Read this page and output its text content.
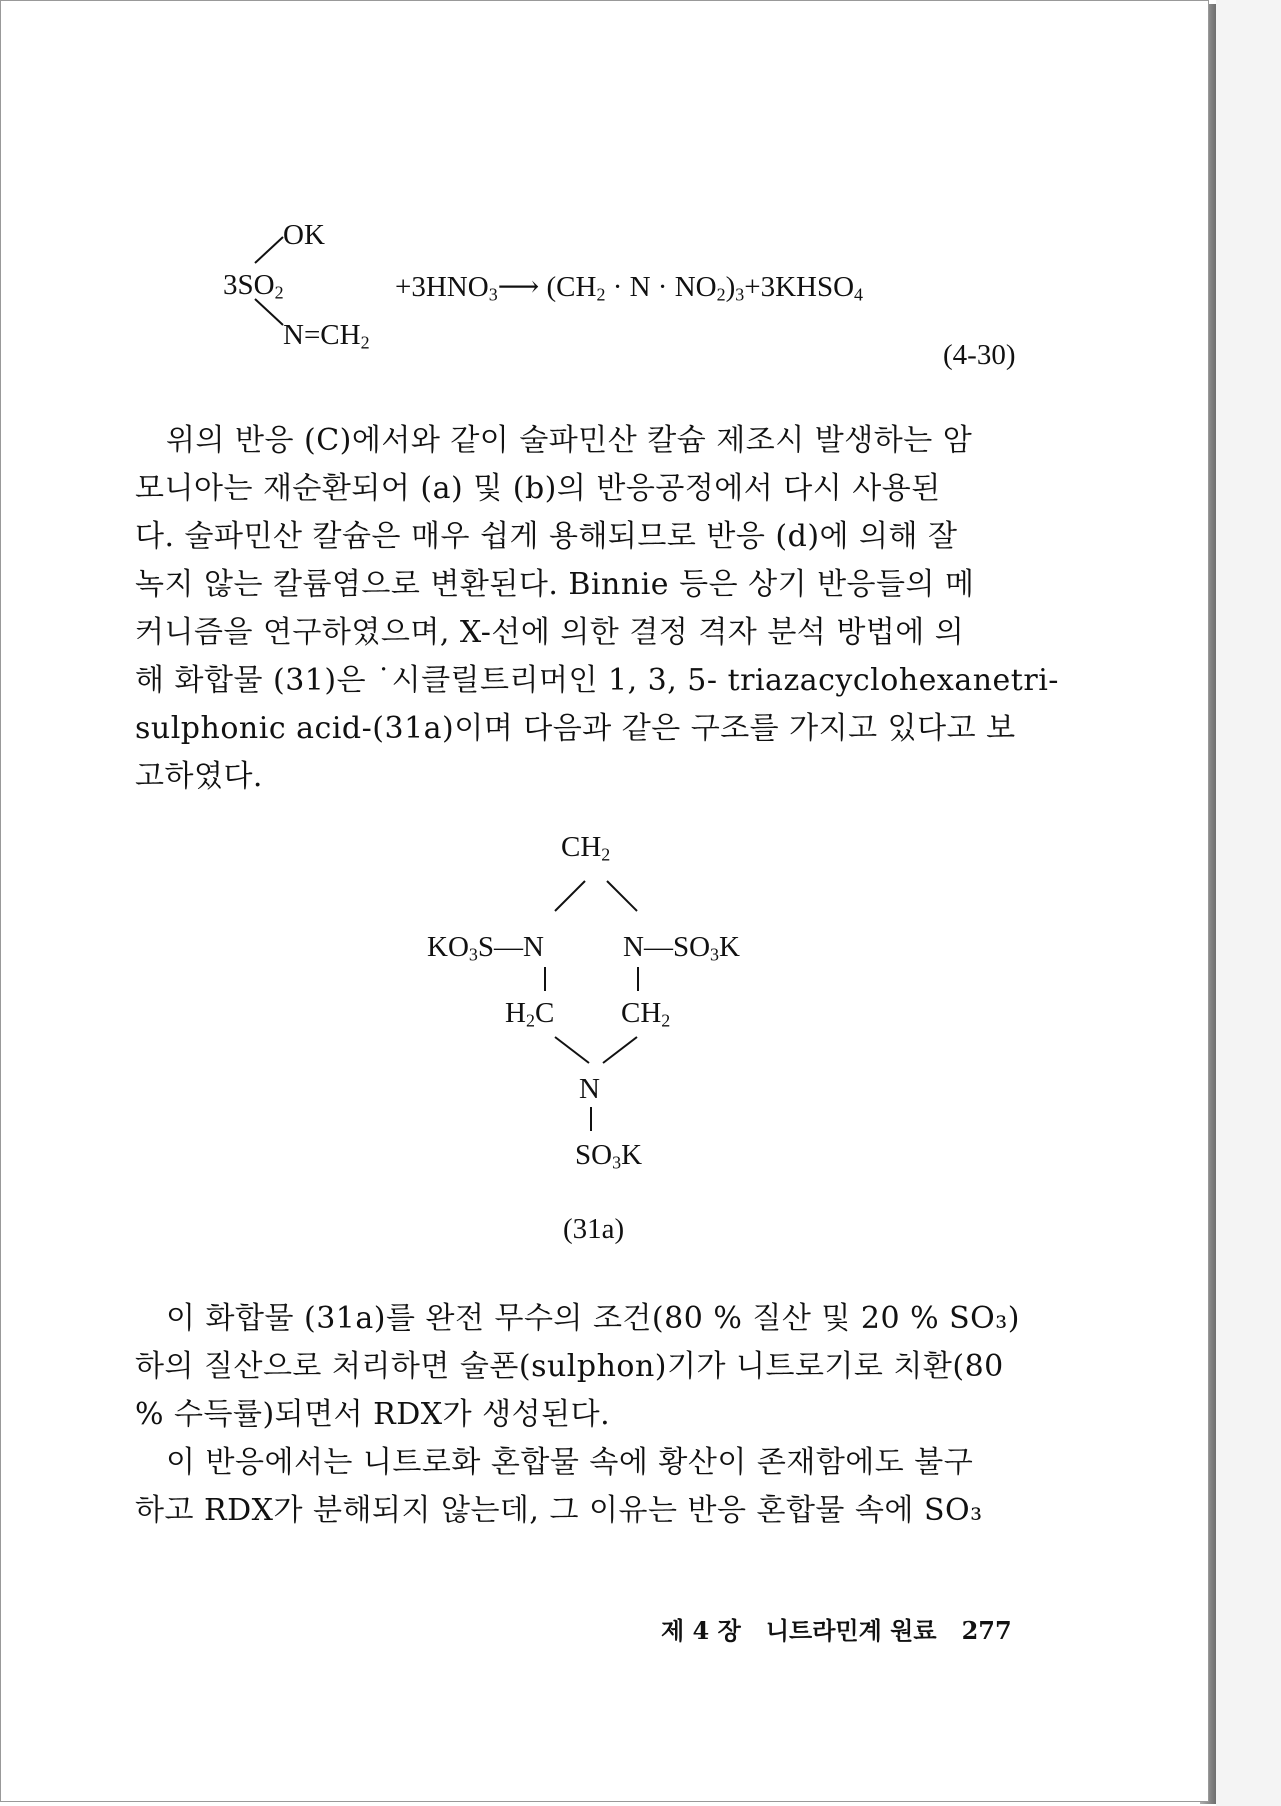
OK
$3SO_2$
$N=CH_2$
$+3HNO_3⟶$ ($CH_2 \cdot N$ · $NO_2)_3+3KHSO_4$
(4-30)
위의 반응 (C)에서와 같이 술파민산 칼슘 제조시 발생하는 암
모니아는 재순환되어 (a) 및 (b)의 반응공정에서 다시 사용된
다. 술파민산 칼슘은 매우 쉽게 용해되므로 반응 (d)에 의해 잘
녹지 않는 칼륨염으로 변환된다. Binnie 등은 상기 반응들의 메
커니즘을 연구하였으며, X-선에 의한 결정 격자 분석 방법에 의
해 화합물 (31)은 ˙시클릴트리머인 1, 3, 5- triazacyclohexanetri-
sulphonic acid-(31a)이며 다음과 같은 구조를 가지고 있다고 보
고하였다.
$CH_2$
$KO_3S—N$	$N—SO_3K$
$H_2C$ $CH_2$
N
$SO_3K$
(31a)
이 화합물 (31a)를 완전 무수의 조건(80 % 질산 및 20 % SO₃)
하의 질산으로 처리하면 술폰(sulphon)기가 니트로기로 치환(80
% 수득률)되면서 RDX가 생성된다.
이 반응에서는 니트로화 혼합물 속에 황산이 존재함에도 불구
하고 RDX가 분해되지 않는데, 그 이유는 반응 혼합물 속에 SO₃
제 4 장 니트라민계 원료 277
